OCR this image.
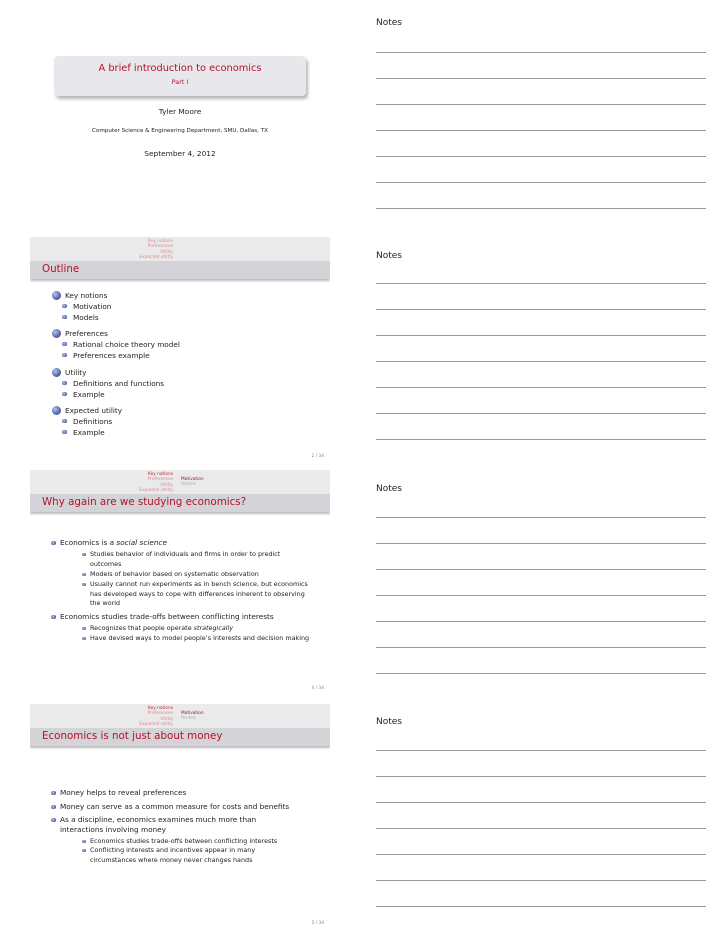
A brief introduction to economics
Part I
Tyler Moore
Computer Science & Engineering Department, SMU, Dallas, TX
September 4, 2012
Notes
Key notions
Preferences
Utility
Expected utility
Outline
Key notions
Motivation
Models
Preferences
Rational choice theory model
Preferences example
Utility
Definitions and functions
Example
Expected utility
Definitions
Example
2 / 34
Notes
Key notions
Preferences
Utility
Expected utility
Motivation
Models
Why again are we studying economics?
Economics is a social science
Studies behavior of individuals and firms in order to predict outcomes
Models of behavior based on systematic observation
Usually cannot run experiments as in bench science, but economics has developed ways to cope with differences inherent to observing the world
Economics studies trade-offs between conflicting interests
Recognizes that people operate strategically
Have devised ways to model people’s interests and decision making
4 / 34
Notes
Key notions
Preferences
Utility
Expected utility
Motivation
Models
Economics is not just about money
Money helps to reveal preferences
Money can serve as a common measure for costs and benefits
As a discipline, economics examines much more than interactions involving money
Economics studies trade-offs between conflicting interests
Conflicting interests and incentives appear in many circumstances where money never changes hands
5 / 34
Notes
